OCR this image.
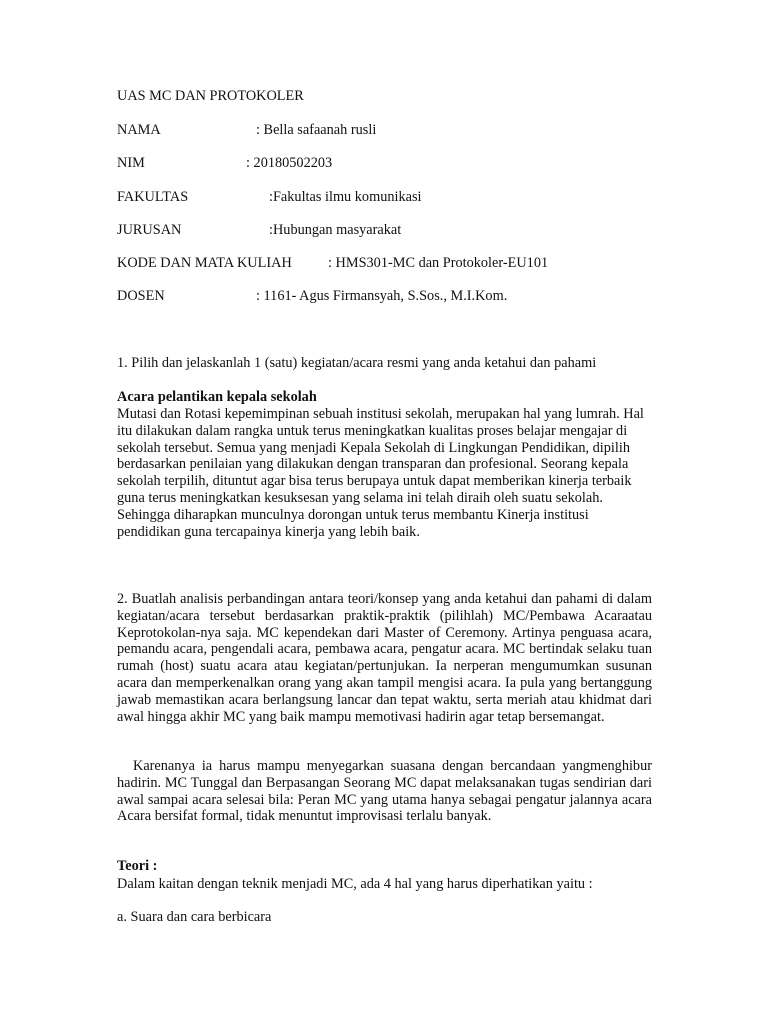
UAS MC DAN PROTOKOLER
NAMA	: Bella safaanah rusli
NIM	: 20180502203
FAKULTAS	:Fakultas ilmu komunikasi
JURUSAN	:Hubungan masyarakat
KODE DAN MATA KULIAH	: HMS301-MC dan Protokoler-EU101
DOSEN	: 1161- Agus Firmansyah, S.Sos., M.I.Kom.
1. Pilih dan jelaskanlah 1 (satu) kegiatan/acara resmi yang anda ketahui dan pahami
Acara pelantikan kepala sekolah

Mutasi dan Rotasi kepemimpinan sebuah institusi sekolah, merupakan hal yang lumrah. Hal itu dilakukan dalam rangka untuk terus meningkatkan kualitas proses belajar mengajar di sekolah tersebut. Semua yang menjadi Kepala Sekolah di Lingkungan Pendidikan, dipilih berdasarkan penilaian yang dilakukan dengan transparan dan profesional. Seorang kepala sekolah terpilih, dituntut agar bisa terus berupaya untuk dapat memberikan kinerja terbaik guna terus meningkatkan kesuksesan yang selama ini telah diraih oleh suatu sekolah. Sehingga diharapkan munculnya dorongan untuk terus membantu Kinerja institusi pendidikan guna tercapainya kinerja yang lebih baik.

2. Buatlah analisis perbandingan antara teori/konsep yang anda ketahui dan pahami di dalam kegiatan/acara tersebut berdasarkan praktik-praktik (pilihlah) MC/Pembawa Acaraatau Keprotokolan-nya saja. MC kependekan dari Master of Ceremony. Artinya penguasa acara, pemandu acara, pengendali acara, pembawa acara, pengatur acara. MC bertindak selaku tuan rumah (host) suatu acara atau kegiatan/pertunjukan. Ia nerperan mengumumkan susunan acara dan memperkenalkan orang yang akan tampil mengisi acara. Ia pula yang bertanggung jawab memastikan acara berlangsung lancar dan tepat waktu, serta meriah atau khidmat dari awal hingga akhir MC yang baik mampu memotivasi hadirin agar tetap bersemangat.

Karenanya ia harus mampu menyegarkan suasana dengan bercandaan yangmenghibur hadirin. MC Tunggal dan Berpasangan Seorang MC dapat melaksanakan tugas sendirian dari awal sampai acara selesai bila: Peran MC yang utama hanya sebagai pengatur jalannya acara Acara bersifat formal, tidak menuntut improvisasi terlalu banyak.

Teori :
Dalam kaitan dengan teknik menjadi MC, ada 4 hal yang harus diperhatikan yaitu :
a. Suara dan cara berbicara
